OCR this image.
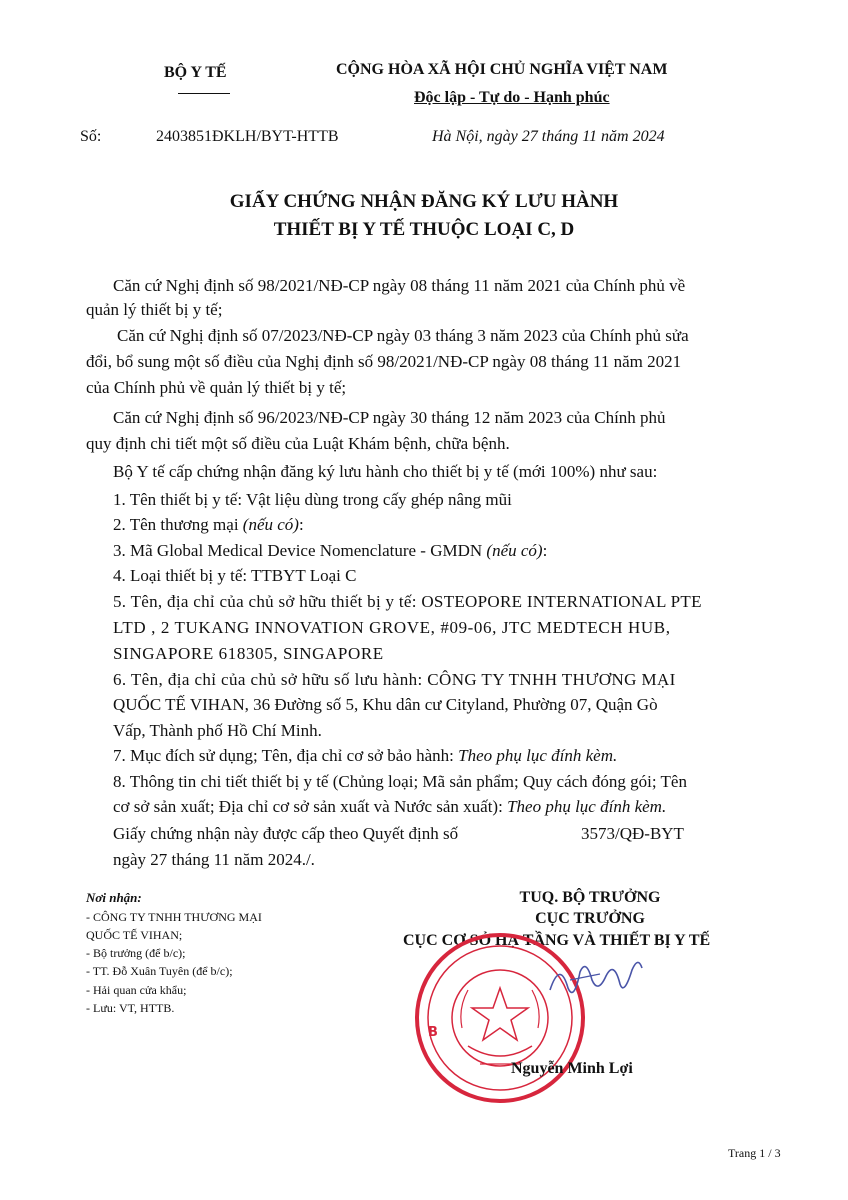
BỘ Y TẾ	CỘNG HÒA XÃ HỘI CHỦ NGHĨA VIỆT NAM
Độc lập - Tự do - Hạnh phúc
Số:	2403851ĐKLH/BYT-HTTB	Hà Nội, ngày 27 tháng 11 năm 2024
GIẤY CHỨNG NHẬN ĐĂNG KÝ LƯU HÀNH
THIẾT BỊ Y TẾ THUỘC LOẠI C, D
Căn cứ Nghị định số 98/2021/NĐ-CP ngày 08 tháng 11 năm 2021 của Chính phủ về
quản lý thiết bị y tế;
Căn cứ Nghị định số 07/2023/NĐ-CP ngày 03 tháng 3 năm 2023 của Chính phủ sửa
đổi, bổ sung một số điều của Nghị định số 98/2021/NĐ-CP ngày 08 tháng 11 năm 2021
của Chính phủ về quản lý thiết bị y tế;
Căn cứ Nghị định số 96/2023/NĐ-CP ngày 30 tháng 12 năm 2023 của Chính phủ
quy định chi tiết một số điều của Luật Khám bệnh, chữa bệnh.
Bộ Y tế cấp chứng nhận đăng ký lưu hành cho thiết bị y tế (mới 100%) như sau:
1. Tên thiết bị y tế: Vật liệu dùng trong cấy ghép nâng mũi
2. Tên thương mại (nếu có):
3. Mã Global Medical Device Nomenclature - GMDN (nếu có):
4. Loại thiết bị y tế: TTBYT Loại C
5. Tên, địa chỉ của chủ sở hữu thiết bị y tế: OSTEOPORE INTERNATIONAL PTE
LTD , 2 TUKANG INNOVATION GROVE, #09-06, JTC MEDTECH HUB,
SINGAPORE 618305, SINGAPORE
6. Tên, địa chỉ của chủ sở hữu số lưu hành: CÔNG TY TNHH THƯƠNG MẠI
QUỐC TẾ VIHAN, 36 Đường số 5, Khu dân cư Cityland, Phường 07, Quận Gò
Vấp, Thành phố Hồ Chí Minh.
7. Mục đích sử dụng; Tên, địa chỉ cơ sở bảo hành: Theo phụ lục đính kèm.
8. Thông tin chi tiết thiết bị y tế (Chủng loại; Mã sản phẩm; Quy cách đóng gói; Tên
cơ sở sản xuất; Địa chỉ cơ sở sản xuất và Nước sản xuất): Theo phụ lục đính kèm.
Giấy chứng nhận này được cấp theo Quyết định số	3573/QĐ-BYT
ngày 27 tháng 11 năm 2024./.
Nơi nhận:
- CÔNG TY TNHH THƯƠNG MẠI
QUỐC TẾ VIHAN;
- Bộ trưởng (để b/c);
- TT. Đỗ Xuân Tuyên (để b/c);
- Hải quan cửa khẩu;
- Lưu: VT, HTTB.
TUQ. BỘ TRƯỞNG
CỤC TRƯỞNG
CỤC CƠ SỞ HẠ TẦNG VÀ THIẾT BỊ Y TẾ
B
Nguyễn Minh Lợi
Trang 1 / 3
